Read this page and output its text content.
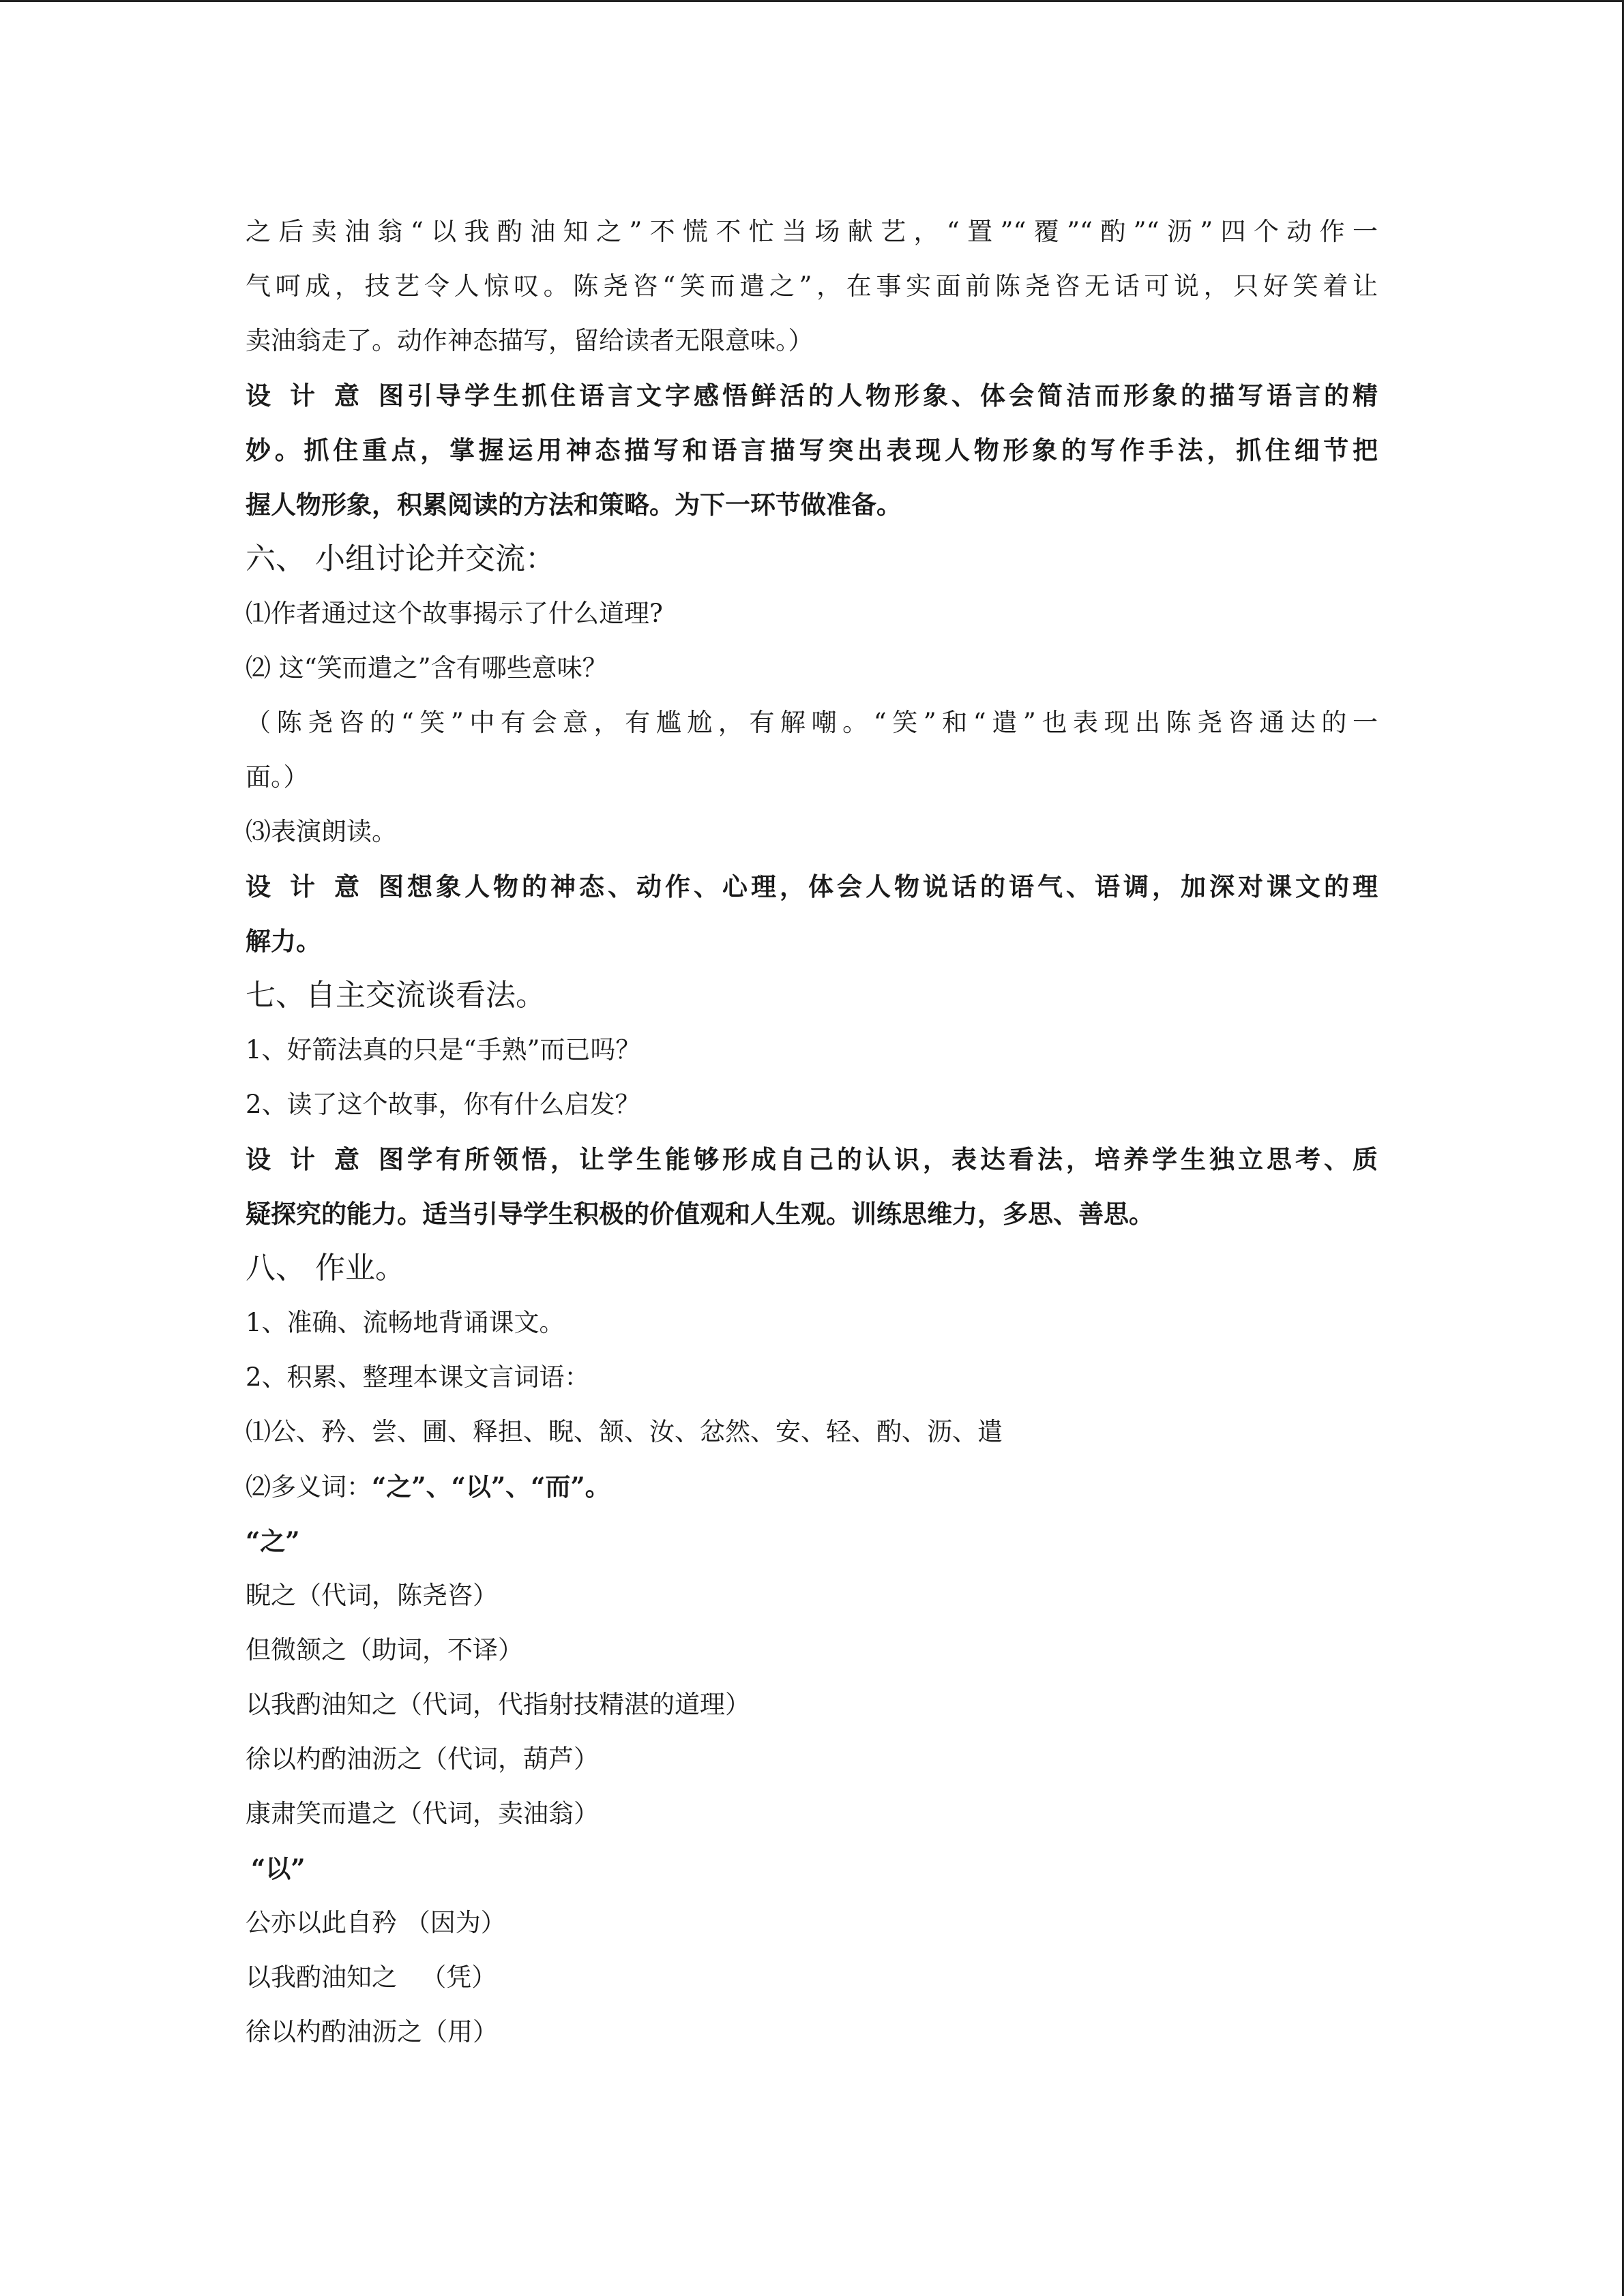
之后卖油翁“以我酌油知之”不慌不忙当场献艺，“置”“覆”“酌”“沥”四个动作一
气呵成，技艺令人惊叹。陈尧咨“笑而遣之”，在事实面前陈尧咨无话可说，只好笑着让
卖油翁走了。动作神态描写，留给读者无限意味。）
设计意图引导学生抓住语言文字感悟鲜活的人物形象、体会简洁而形象的描写语言的精
妙。抓住重点，掌握运用神态描写和语言描写突出表现人物形象的写作手法，抓住细节把
握人物形象，积累阅读的方法和策略。为下一环节做准备。
六、 小组讨论并交流：
⑴作者通过这个故事揭示了什么道理?
⑵ 这“笑而遣之”含有哪些意味？
（陈尧咨的“笑”中有会意，有尴尬，有解嘲。“笑”和“遣”也表现出陈尧咨通达的一
面。）
⑶表演朗读。
设计意图想象人物的神态、动作、心理，体会人物说话的语气、语调，加深对课文的理
解力。
七、自主交流谈看法。
1、好箭法真的只是“手熟”而已吗？
2、读了这个故事，你有什么启发？
设计意图学有所领悟，让学生能够形成自己的认识，表达看法，培养学生独立思考、质
疑探究的能力。适当引导学生积极的价值观和人生观。训练思维力，多思、善思。
八、 作业。
1、准确、流畅地背诵课文。
2、积累、整理本课文言词语：
⑴公、矜、尝、圃、释担、睨、颔、汝、忿然、安、轻、酌、沥、遣
⑵多义词：“之”、“以”、“而”。
“之”
睨之（代词，陈尧咨）
但微颔之（助词，不译）
以我酌油知之（代词，代指射技精湛的道理）
徐以杓酌油沥之（代词，葫芦）
康肃笑而遣之（代词，卖油翁）
“以”
公亦以此自矜 （因为）
以我酌油知之   （凭）
徐以杓酌油沥之（用）
